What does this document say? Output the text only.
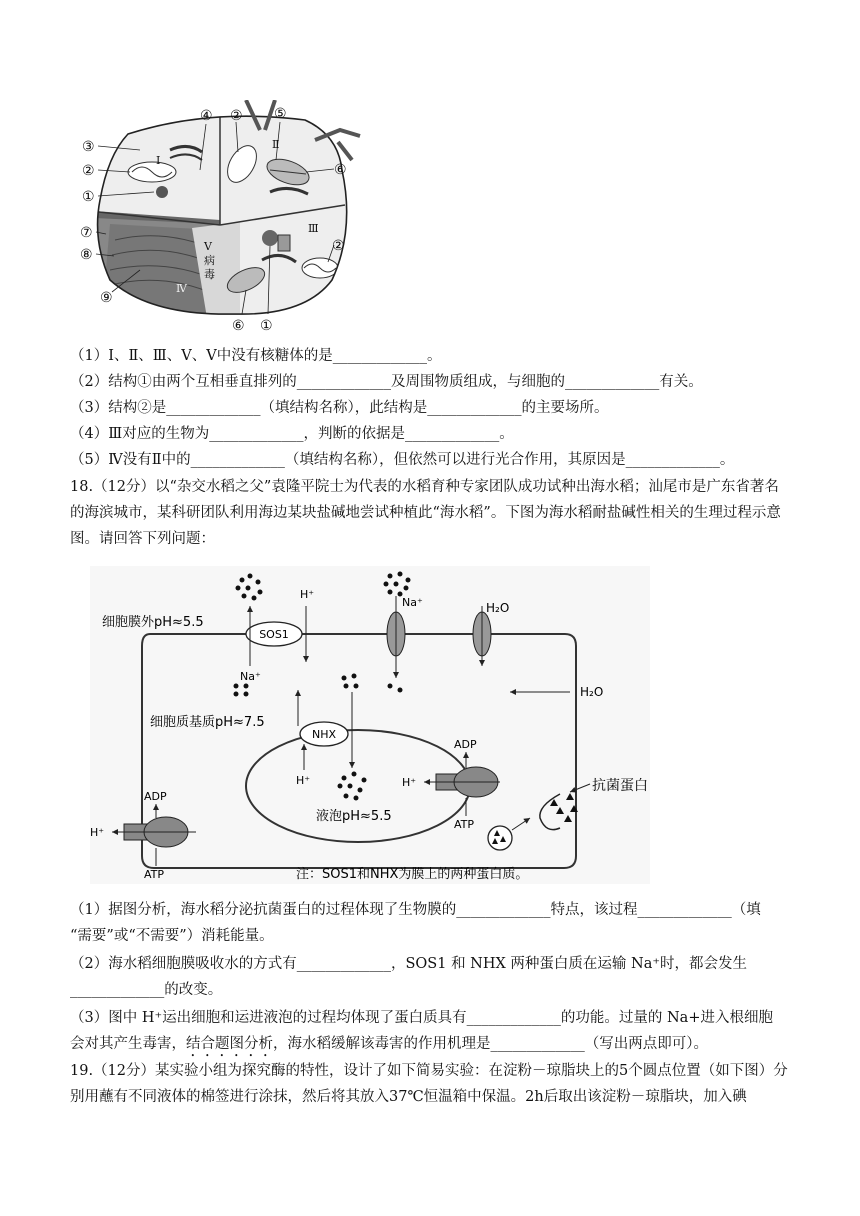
③
②
①
⑦
⑧
⑨
④ ② ⑤
⑥
②
⑥ ①
Ⅰ
Ⅱ
Ⅲ
Ⅳ
Ⅴ
病
毒
（1）Ⅰ、Ⅱ、Ⅲ、Ⅴ、Ⅴ中没有核糖体的是_____________。
（2）结构①由两个互相垂直排列的_____________及周围物质组成，与细胞的_____________有关。
（3）结构②是_____________（填结构名称），此结构是_____________的主要场所。
（4）Ⅲ对应的生物为_____________，判断的依据是_____________。
（5）Ⅳ没有Ⅱ中的_____________（填结构名称），但依然可以进行光合作用，其原因是_____________。
18.（12分）以“杂交水稻之父”袁隆平院士为代表的水稻育种专家团队成功试种出海水稻；汕尾市是广东省著名的海滨城市，某科研团队利用海边某块盐碱地尝试种植此“海水稻”。下图为海水稻耐盐碱性相关的生理过程示意图。请回答下列问题：
SOS1
细胞膜外pH≈5.5
H⁺
Na⁺
Na⁺	H₂O
H₂O
细胞质基质pH≈7.5
NHX
H⁺
液泡pH≈5.5
H⁺
ADP
ATP
H⁺
ADP
ATP
抗菌蛋白
注：SOS1和NHX为膜上的两种蛋白质。
（1）据图分析，海水稻分泌抗菌蛋白的过程体现了生物膜的_____________特点，该过程_____________（填
“需要”或“不需要”）消耗能量。
（2）海水稻细胞膜吸收水的方式有_____________，SOS1 和 NHX 两种蛋白质在运输 Na⁺时，都会发生
_____________的改变。
（3）图中 H⁺运出细胞和运进液泡的过程均体现了蛋白质具有_____________的功能。过量的 Na+进入根细胞
会对其产生毒害，结合题图分析，海水稻缓解该毒害的作用机理是_____________（写出两点即可）。
19.（12分）某实验小组为探究酶的特性，设计了如下简易实验：在淀粉－琼脂块上的5个圆点位置（如下图）分别用蘸有不同液体的棉签进行涂抹，然后将其放入37℃恒温箱中保温。2h后取出该淀粉－琼脂块，加入碘
